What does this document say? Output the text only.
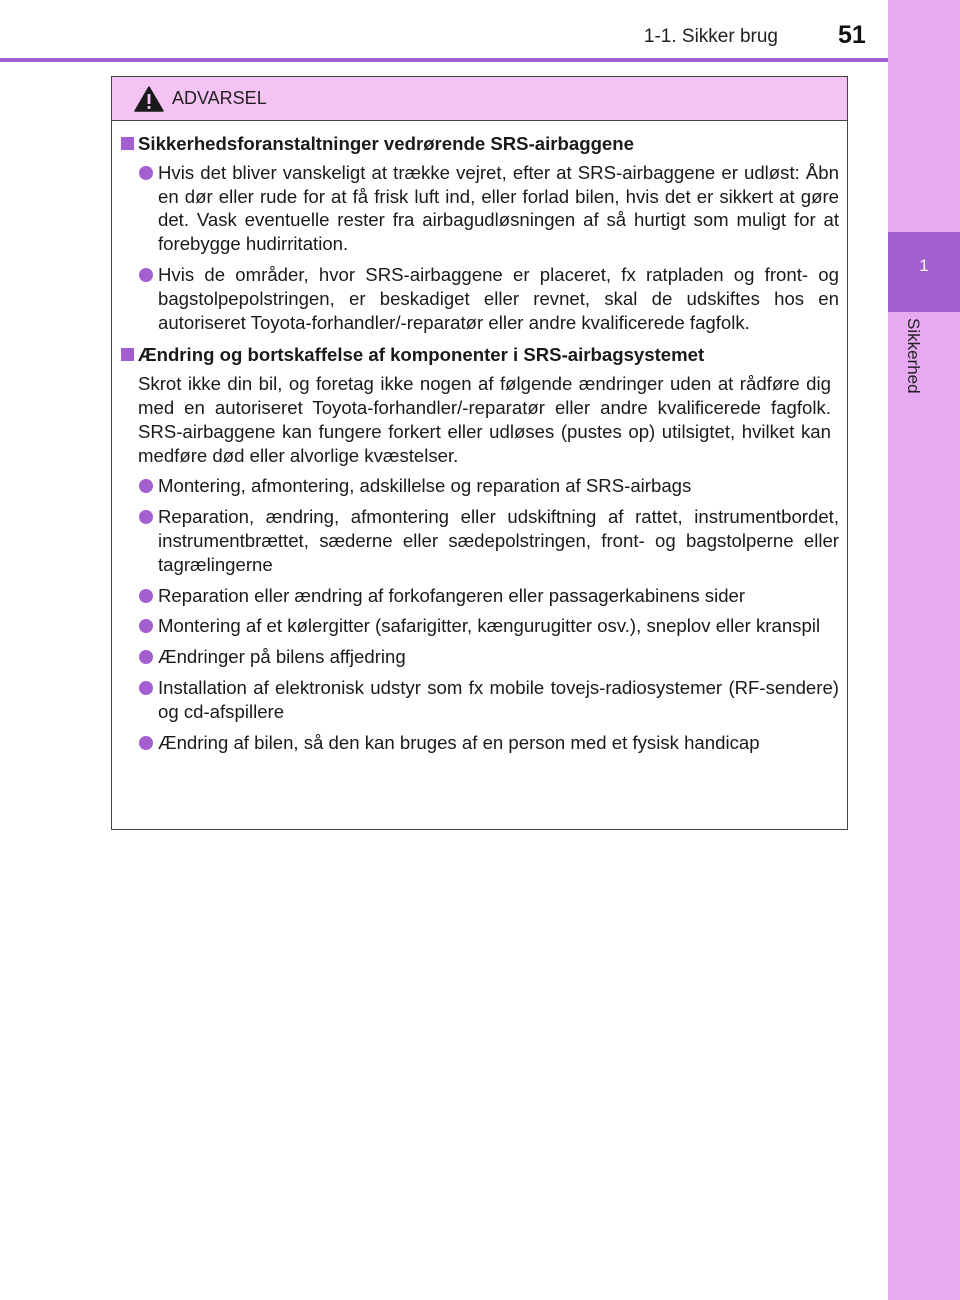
1
Sikkerhed
1-1. Sikker brug 51
ADVARSEL
Sikkerhedsforanstaltninger vedrørende SRS-airbaggene
Hvis det bliver vanskeligt at trække vejret, efter at SRS-airbaggene er udløst: Åbn en dør eller rude for at få frisk luft ind, eller forlad bilen, hvis det er sikkert at gøre det. Vask eventuelle rester fra airbagudløsningen af så hurtigt som muligt for at forebygge hudirritation.
Hvis de områder, hvor SRS-airbaggene er placeret, fx ratpladen og front- og bagstolpepolstringen, er beskadiget eller revnet, skal de udskiftes hos en autoriseret Toyota-forhandler/-reparatør eller andre kvalificerede fagfolk.
Ændring og bortskaffelse af komponenter i SRS-airbagsystemet
Skrot ikke din bil, og foretag ikke nogen af følgende ændringer uden at rådføre dig med en autoriseret Toyota-forhandler/-reparatør eller andre kvalificerede fagfolk. SRS-airbaggene kan fungere forkert eller udløses (pustes op) utilsigtet, hvilket kan medføre død eller alvorlige kvæstelser.
Montering, afmontering, adskillelse og reparation af SRS-airbags
Reparation, ændring, afmontering eller udskiftning af rattet, instrumentbordet, instrumentbrættet, sæderne eller sædepolstringen, front- og bagstolperne eller tagrælingerne
Reparation eller ændring af forkofangeren eller passagerkabinens sider
Montering af et kølergitter (safarigitter, kængurugitter osv.), sneplov eller kranspil
Ændringer på bilens affjedring
Installation af elektronisk udstyr som fx mobile tovejs-radiosystemer (RF-sendere) og cd-afspillere
Ændring af bilen, så den kan bruges af en person med et fysisk handicap
